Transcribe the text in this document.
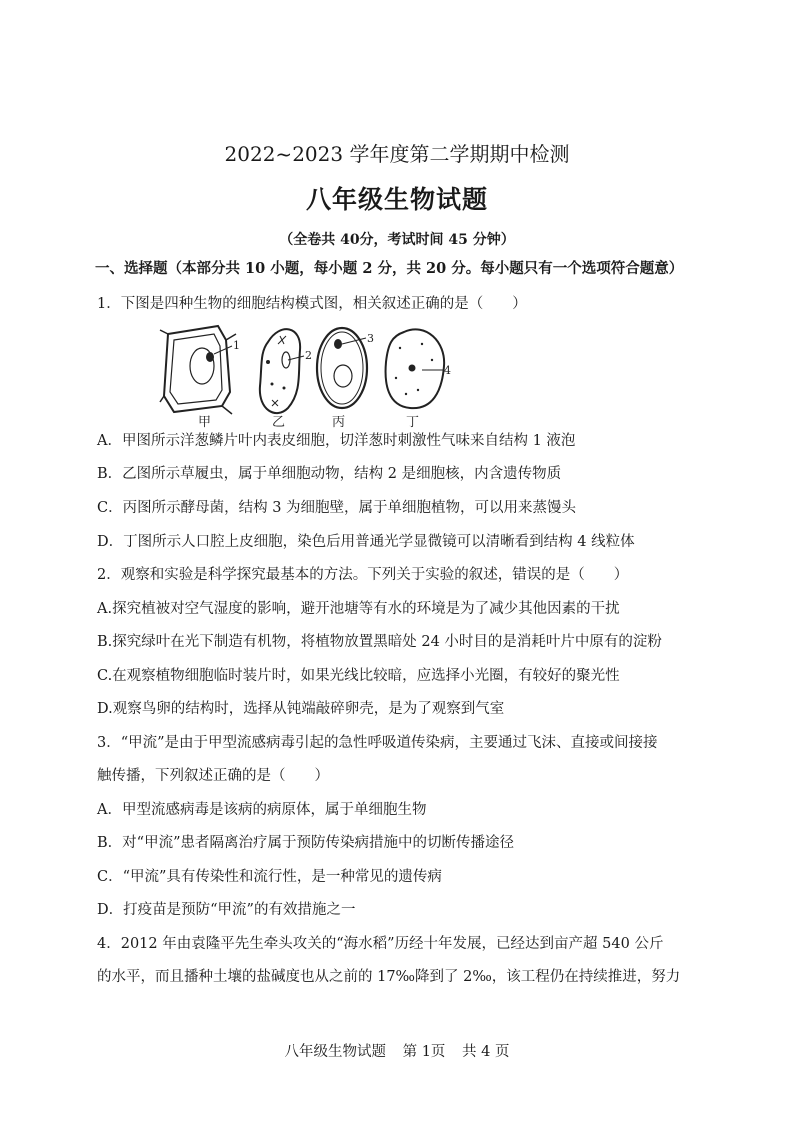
2022~2023 学年度第二学期期中检测
八年级生物试题
（全卷共 40分，考试时间 45 分钟）
一、选择题（本部分共 10 小题，每小题 2 分，共 20 分。每小题只有一个选项符合题意）
1．下图是四种生物的细胞结构模式图，相关叙述正确的是（　　）
1
甲
2
乙
3
丙
4
丁
A．甲图所示洋葱鳞片叶内表皮细胞，切洋葱时刺激性气味来自结构 1 液泡
B．乙图所示草履虫，属于单细胞动物，结构 2 是细胞核，内含遗传物质
C．丙图所示酵母菌，结构 3 为细胞壁，属于单细胞植物，可以用来蒸馒头
D．丁图所示人口腔上皮细胞，染色后用普通光学显微镜可以清晰看到结构 4 线粒体
2．观察和实验是科学探究最基本的方法。下列关于实验的叙述，错误的是（　　）
A.探究植被对空气湿度的影响，避开池塘等有水的环境是为了减少其他因素的干扰
B.探究绿叶在光下制造有机物，将植物放置黑暗处 24 小时目的是消耗叶片中原有的淀粉
C.在观察植物细胞临时装片时，如果光线比较暗，应选择小光圈，有较好的聚光性
D.观察鸟卵的结构时，选择从钝端敲碎卵壳，是为了观察到气室
3．“甲流”是由于甲型流感病毒引起的急性呼吸道传染病，主要通过飞沫、直接或间接接
触传播，下列叙述正确的是（　　）
A．甲型流感病毒是该病的病原体，属于单细胞生物
B．对“甲流”患者隔离治疗属于预防传染病措施中的切断传播途径
C．“甲流”具有传染性和流行性，是一种常见的遗传病
D．打疫苗是预防“甲流”的有效措施之一
4．2012 年由袁隆平先生牵头攻关的“海水稻”历经十年发展，已经达到亩产超 540 公斤
的水平，而且播种土壤的盐碱度也从之前的 17‰降到了 2‰，该工程仍在持续推进，努力
八年级生物试题 第 1页 共 4 页
